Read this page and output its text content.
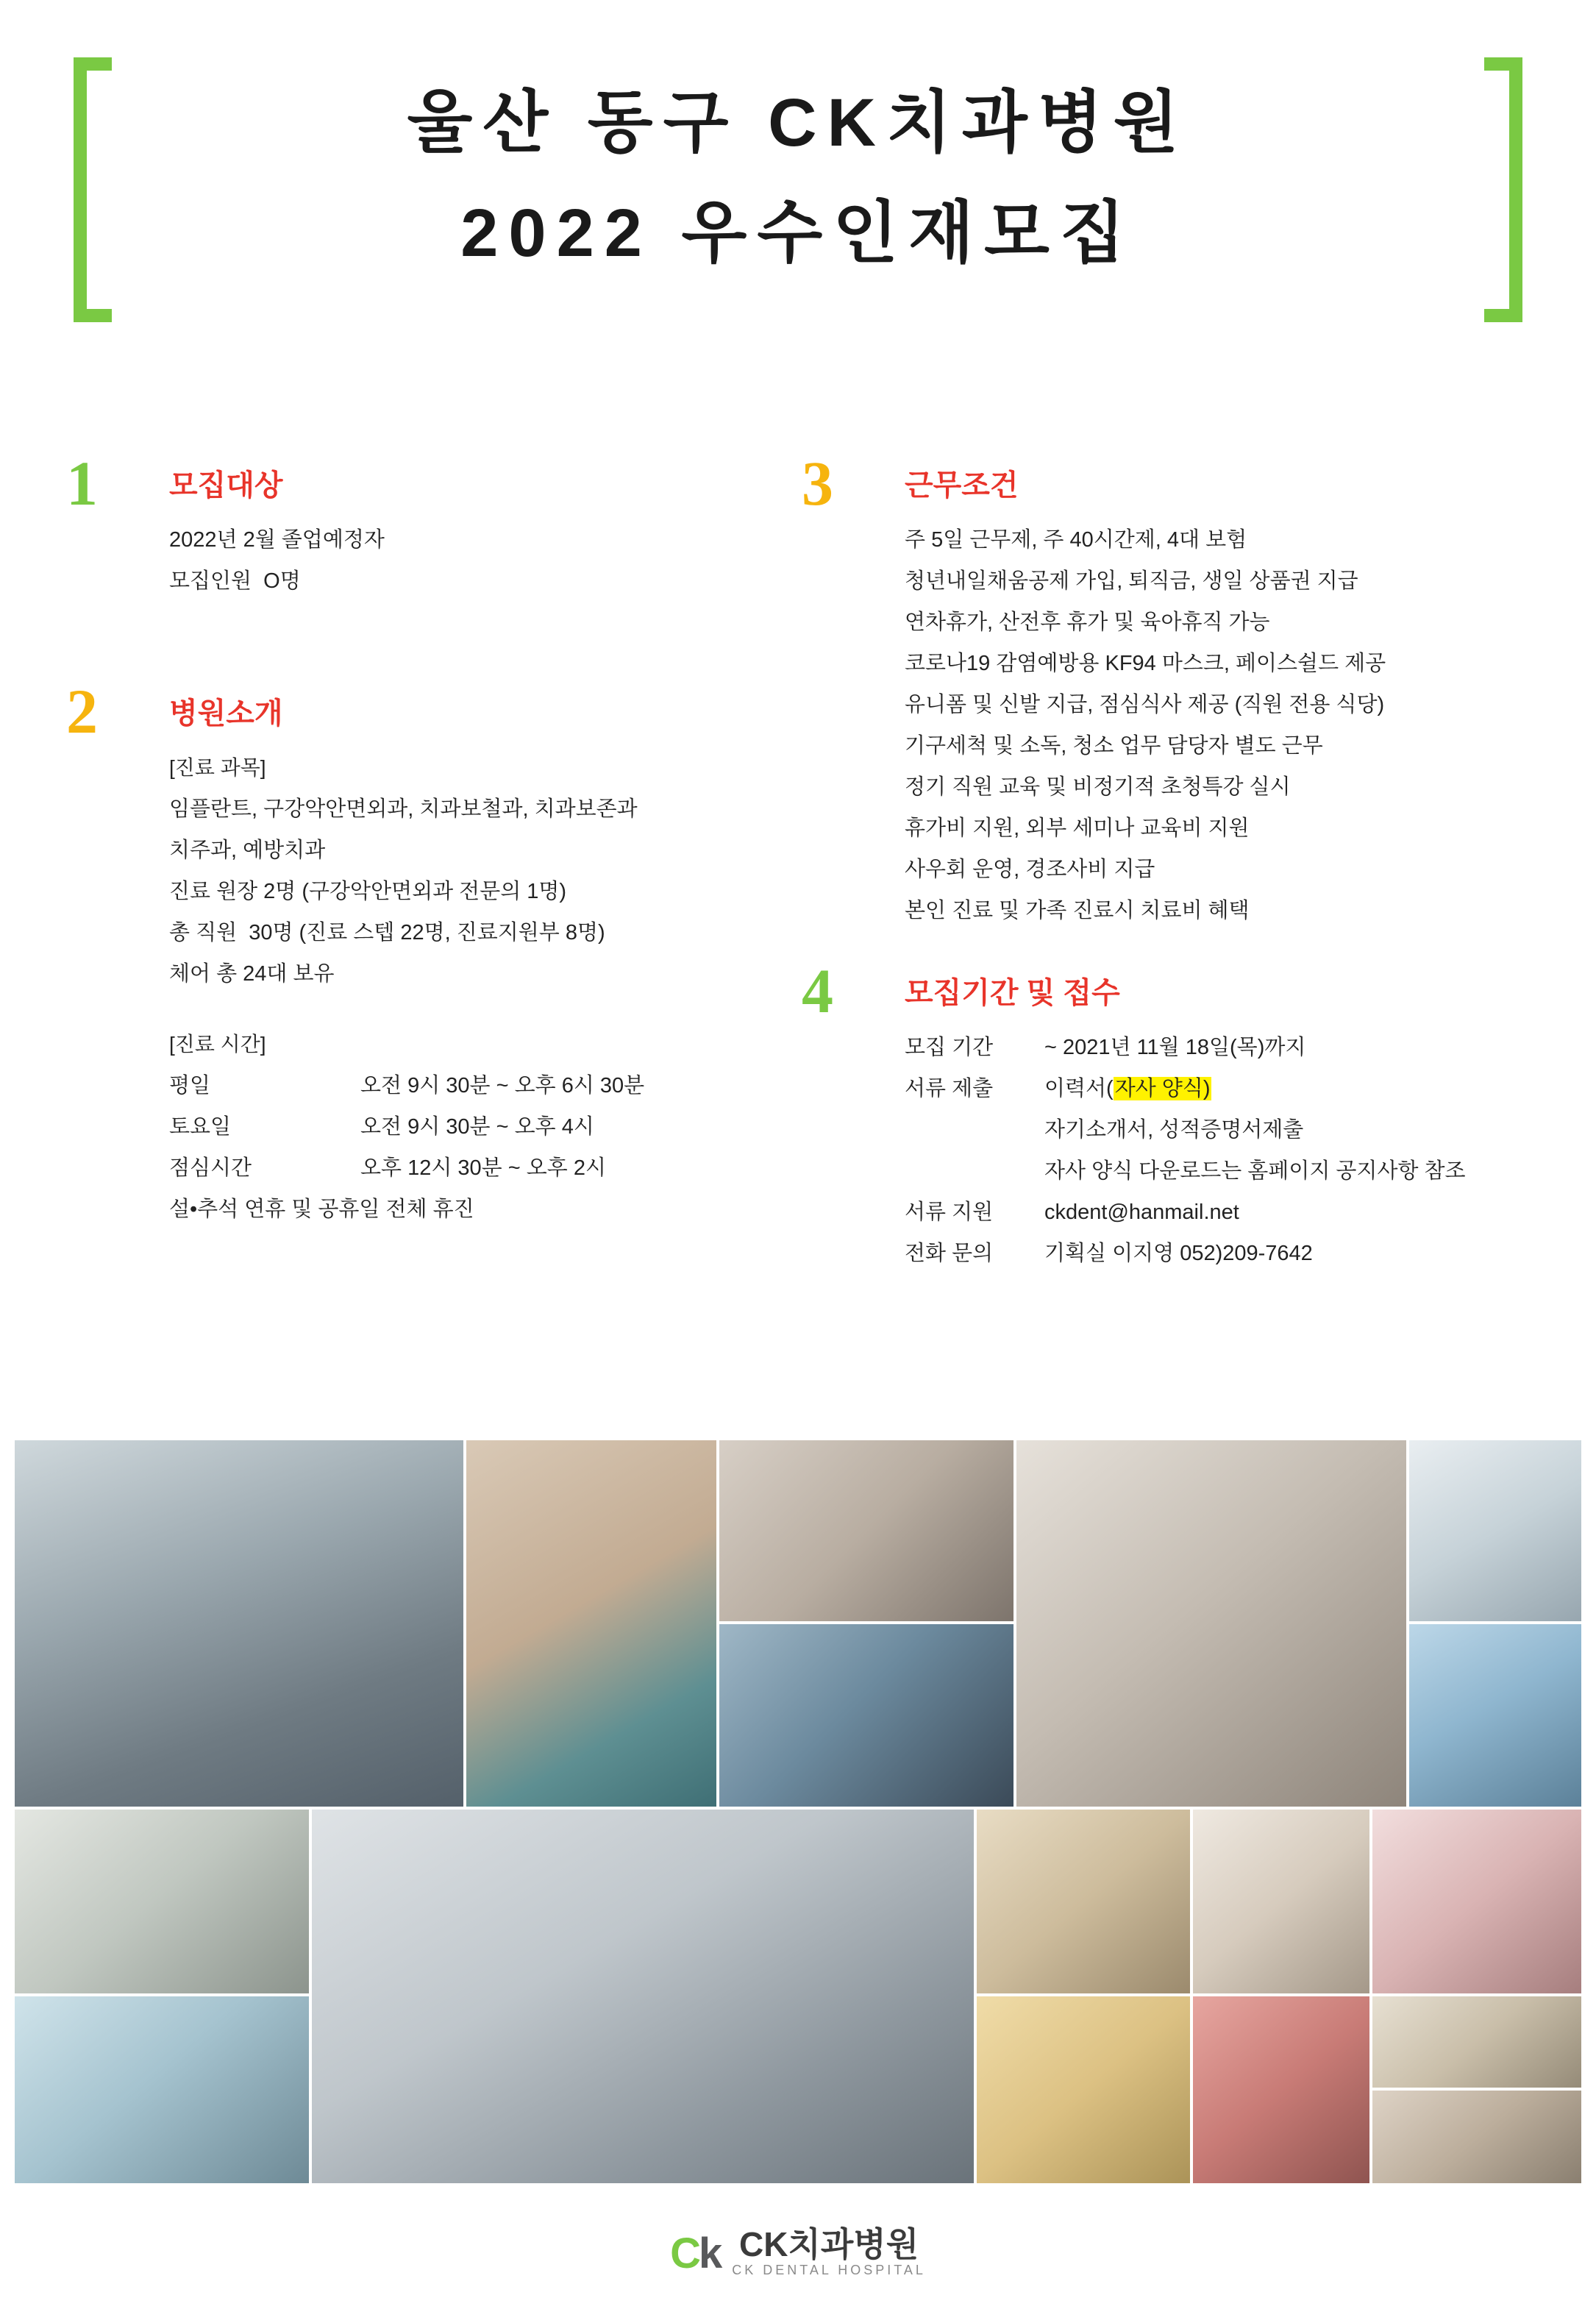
울산 동구 CK치과병원
2022 우수인재모집
1 모집대상
2022년 2월 졸업예정자
모집인원  O명
2 병원소개
[진료 과목]
임플란트, 구강악안면외과, 치과보철과, 치과보존과
치주과, 예방치과
진료 원장 2명 (구강악안면외과 전문의 1명)
총 직원  30명 (진료 스텝 22명, 진료지원부 8명)
체어 총 24대 보유
[진료 시간]
평일	오전 9시 30분 ~ 오후 6시 30분
토요일	오전 9시 30분 ~ 오후 4시
점심시간	오후 12시 30분 ~ 오후 2시
설•추석 연휴 및 공휴일 전체 휴진
3 근무조건
주 5일 근무제, 주 40시간제, 4대 보험
청년내일채움공제 가입, 퇴직금, 생일 상품권 지급
연차휴가, 산전후 휴가 및 육아휴직 가능
코로나19 감염예방용 KF94 마스크, 페이스쉴드 제공
유니폼 및 신발 지급, 점심식사 제공 (직원 전용 식당)
기구세척 및 소독, 청소 업무 담당자 별도 근무
정기 직원 교육 및 비정기적 초청특강 실시
휴가비 지원, 외부 세미나 교육비 지원
사우회 운영, 경조사비 지급
본인 진료 및 가족 진료시 치료비 혜택
4 모집기간 및 접수
모집 기간	~ 2021년 11월 18일(목)까지
서류 제출	이력서(자사 양식)
자기소개서, 성적증명서제출
자사 양식 다운로드는 홈페이지 공지사항 참조
서류 지원	ckdent@hanmail.net
전화 문의	기획실 이지영 052)209-7642
Ck CK치과병원
CK DENTAL HOSPITAL
